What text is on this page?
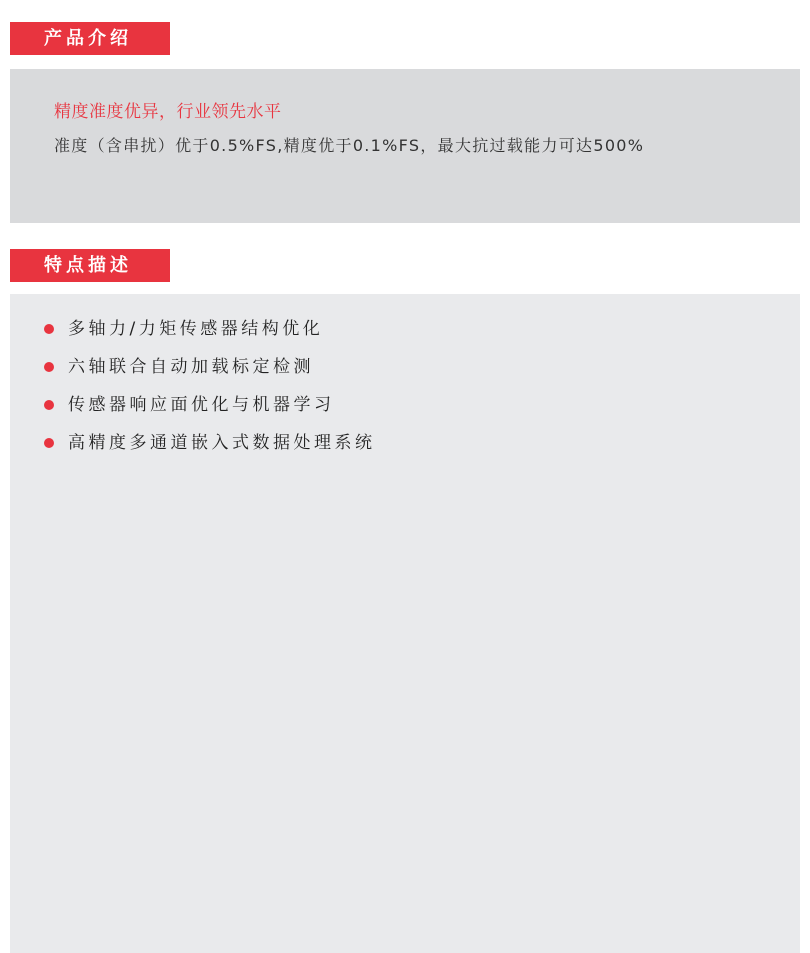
产品介绍
精度准度优异，行业领先水平
准度（含串扰）优于0.5%FS,精度优于0.1%FS，最大抗过载能力可达500%
特点描述
多轴力/力矩传感器结构优化
六轴联合自动加载标定检测
传感器响应面优化与机器学习
高精度多通道嵌入式数据处理系统
